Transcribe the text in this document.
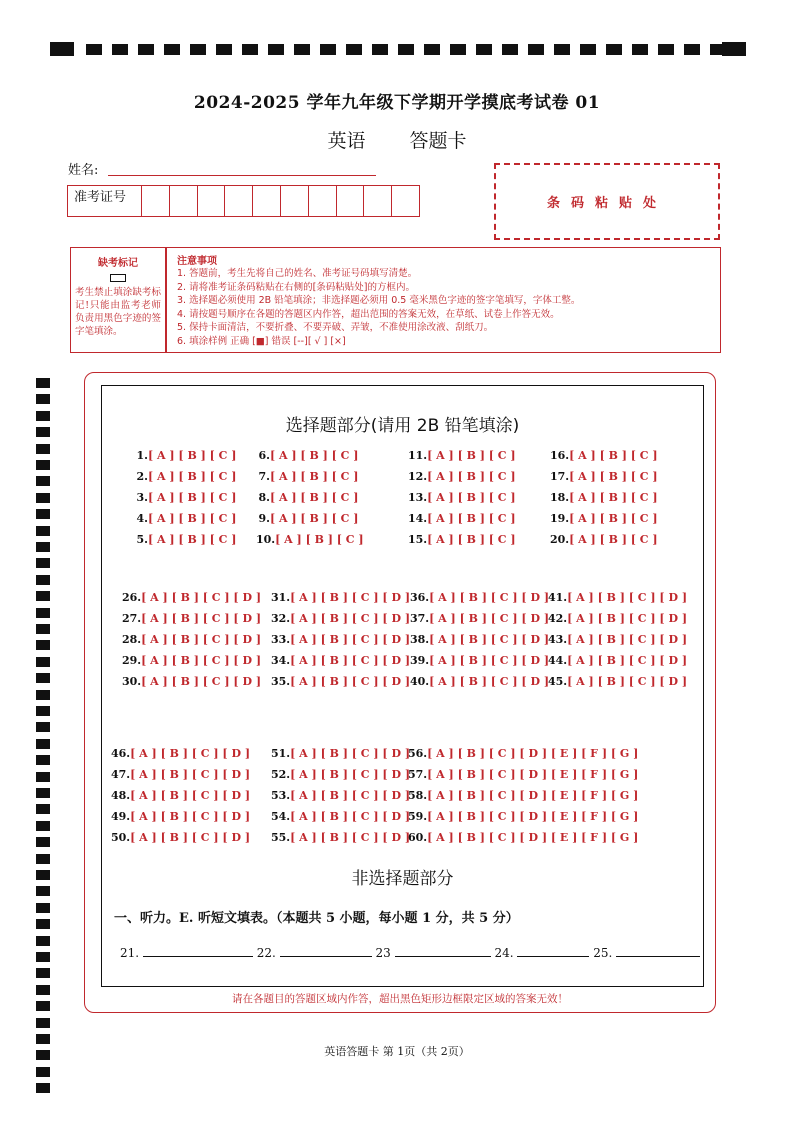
2024-2025 学年九年级下学期开学摸底考试卷 01
英语 答题卡
姓名:
准考证号	条码粘贴处
缺考标记
考生禁止填涂缺考标记!只能由监考老师负责用黑色字迹的签字笔填涂。
注意事项
1. 答题前，考生先将自己的姓名、准考证号码填写清楚。
2. 请将准考证条码粘贴在右侧的[条码粘贴处]的方框内。
3. 选择题必须使用 2B 铅笔填涂；非选择题必须用 0.5 毫米黑色字迹的签字笔填写，字体工整。
4. 请按题号顺序在各题的答题区内作答，超出范围的答案无效，在草纸、试卷上作答无效。
5. 保持卡面清洁，不要折叠、不要弄破、弄皱，不准使用涂改液、刮纸刀。
6. 填涂样例 正确 [■] 错误 [--][ √ ] [×]
选择题部分(请用 2B 铅笔填涂)
1.[ A ] [ B ] [ C ]
2.[ A ] [ B ] [ C ]
3.[ A ] [ B ] [ C ]
4.[ A ] [ B ] [ C ]
5.[ A ] [ B ] [ C ]
6.[ A ] [ B ] [ C ]
7.[ A ] [ B ] [ C ]
8.[ A ] [ B ] [ C ]
9.[ A ] [ B ] [ C ]
10.[ A ] [ B ] [ C ]
11.[ A ] [ B ] [ C ]
12.[ A ] [ B ] [ C ]
13.[ A ] [ B ] [ C ]
14.[ A ] [ B ] [ C ]
15.[ A ] [ B ] [ C ]
16.[ A ] [ B ] [ C ]
17.[ A ] [ B ] [ C ]
18.[ A ] [ B ] [ C ]
19.[ A ] [ B ] [ C ]
20.[ A ] [ B ] [ C ]
26.[ A ] [ B ] [ C ] [ D ]
27.[ A ] [ B ] [ C ] [ D ]
28.[ A ] [ B ] [ C ] [ D ]
29.[ A ] [ B ] [ C ] [ D ]
30.[ A ] [ B ] [ C ] [ D ]
31.[ A ] [ B ] [ C ] [ D ]
32.[ A ] [ B ] [ C ] [ D ]
33.[ A ] [ B ] [ C ] [ D ]
34.[ A ] [ B ] [ C ] [ D ]
35.[ A ] [ B ] [ C ] [ D ]
36.[ A ] [ B ] [ C ] [ D ]
37.[ A ] [ B ] [ C ] [ D ]
38.[ A ] [ B ] [ C ] [ D ]
39.[ A ] [ B ] [ C ] [ D ]
40.[ A ] [ B ] [ C ] [ D ]
41.[ A ] [ B ] [ C ] [ D ]
42.[ A ] [ B ] [ C ] [ D ]
43.[ A ] [ B ] [ C ] [ D ]
44.[ A ] [ B ] [ C ] [ D ]
45.[ A ] [ B ] [ C ] [ D ]
46.[ A ] [ B ] [ C ] [ D ]
47.[ A ] [ B ] [ C ] [ D ]
48.[ A ] [ B ] [ C ] [ D ]
49.[ A ] [ B ] [ C ] [ D ]
50.[ A ] [ B ] [ C ] [ D ]
51.[ A ] [ B ] [ C ] [ D ]
52.[ A ] [ B ] [ C ] [ D ]
53.[ A ] [ B ] [ C ] [ D ]
54.[ A ] [ B ] [ C ] [ D ]
55.[ A ] [ B ] [ C ] [ D ]
56.[ A ] [ B ] [ C ] [ D ] [ E ] [ F ] [ G ]
57.[ A ] [ B ] [ C ] [ D ] [ E ] [ F ] [ G ]
58.[ A ] [ B ] [ C ] [ D ] [ E ] [ F ] [ G ]
59.[ A ] [ B ] [ C ] [ D ] [ E ] [ F ] [ G ]
60.[ A ] [ B ] [ C ] [ D ] [ E ] [ F ] [ G ]
非选择题部分
一、听力。E. 听短文填表。（本题共 5 小题，每小题 1 分，共 5 分）
21.	22.	23	24.	25.
请在各题目的答题区域内作答，超出黑色矩形边框限定区域的答案无效！
英语答题卡 第 1页（共 2页）
